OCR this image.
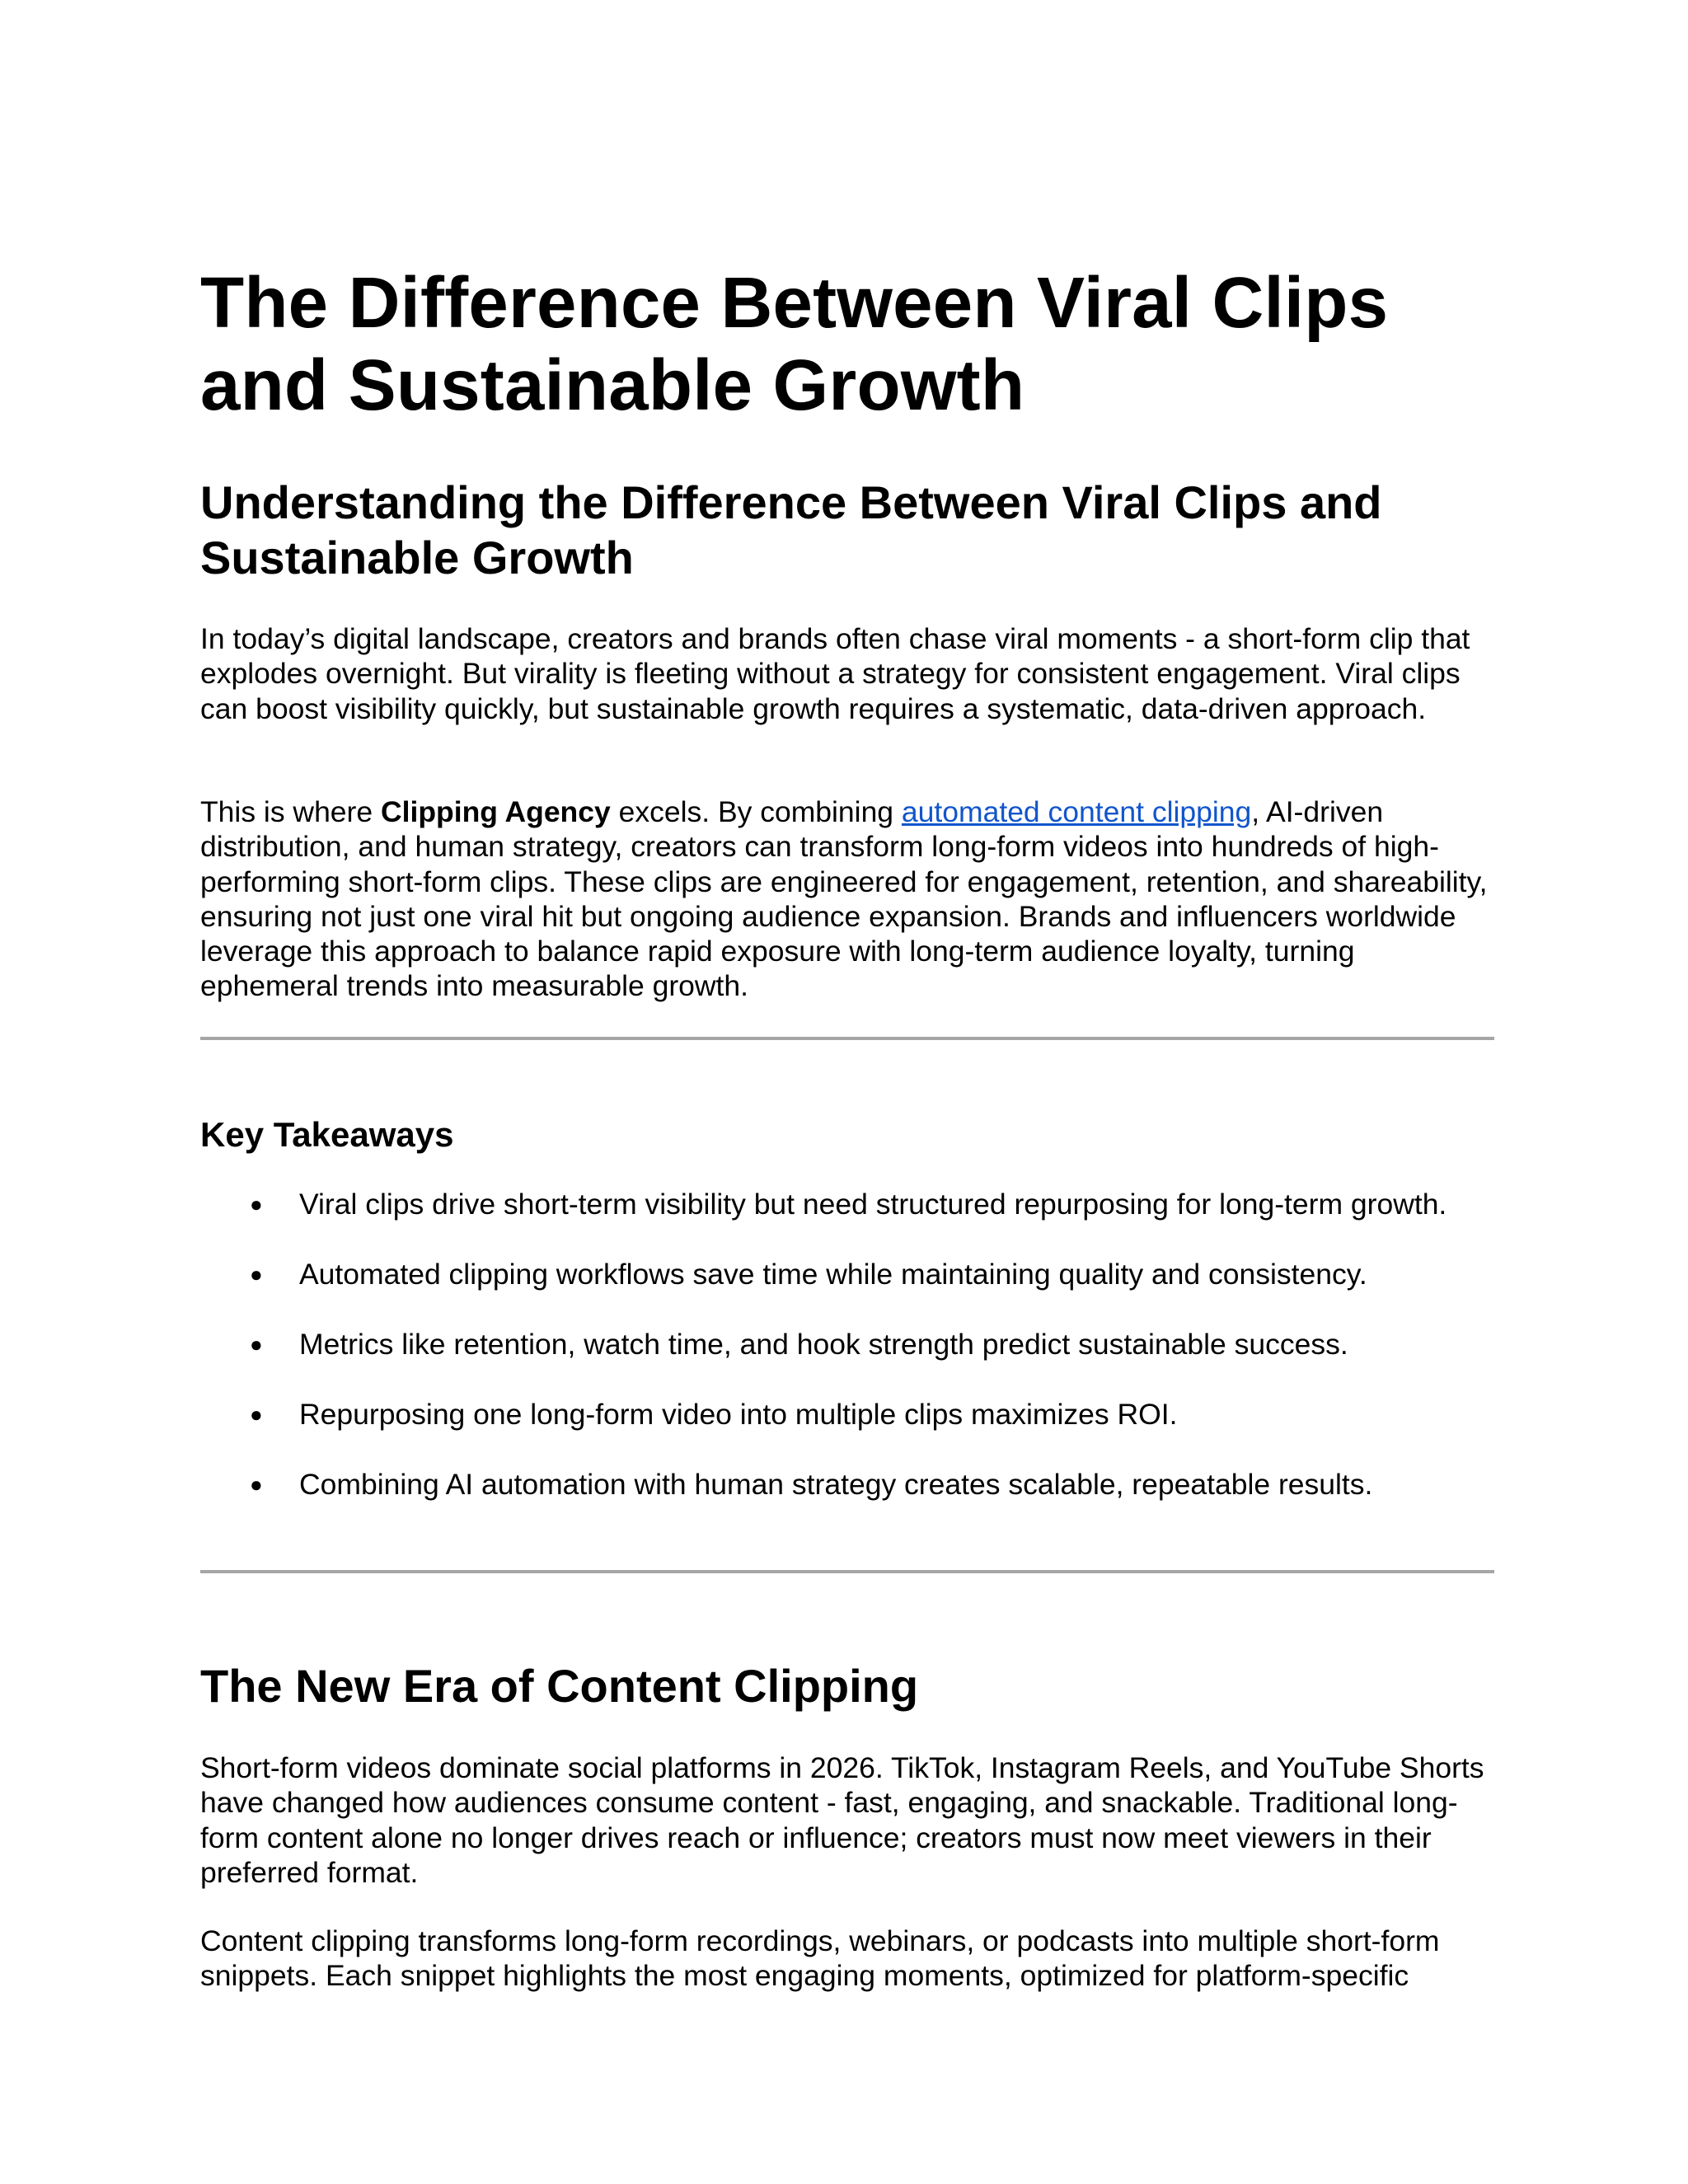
The Difference Between Viral Clips and Sustainable Growth
Understanding the Difference Between Viral Clips and Sustainable Growth

In today’s digital landscape, creators and brands often chase viral moments - a short-form clip that explodes overnight. But virality is fleeting without a strategy for consistent engagement. Viral clips can boost visibility quickly, but sustainable growth requires a systematic, data-driven approach.

This is where Clipping Agency excels. By combining automated content clipping, AI-driven distribution, and human strategy, creators can transform long-form videos into hundreds of high-performing short-form clips. These clips are engineered for engagement, retention, and shareability, ensuring not just one viral hit but ongoing audience expansion. Brands and influencers worldwide leverage this approach to balance rapid exposure with long-term audience loyalty, turning ephemeral trends into measurable growth.

Key Takeaways
● Viral clips drive short-term visibility but need structured repurposing for long-term growth.
● Automated clipping workflows save time while maintaining quality and consistency.
● Metrics like retention, watch time, and hook strength predict sustainable success.
● Repurposing one long-form video into multiple clips maximizes ROI.
● Combining AI automation with human strategy creates scalable, repeatable results.
The New Era of Content Clipping

Short-form videos dominate social platforms in 2026. TikTok, Instagram Reels, and YouTube Shorts have changed how audiences consume content - fast, engaging, and snackable. Traditional long-form content alone no longer drives reach or influence; creators must now meet viewers in their preferred format.

Content clipping transforms long-form recordings, webinars, or podcasts into multiple short-form snippets. Each snippet highlights the most engaging moments, optimized for platform-specific
